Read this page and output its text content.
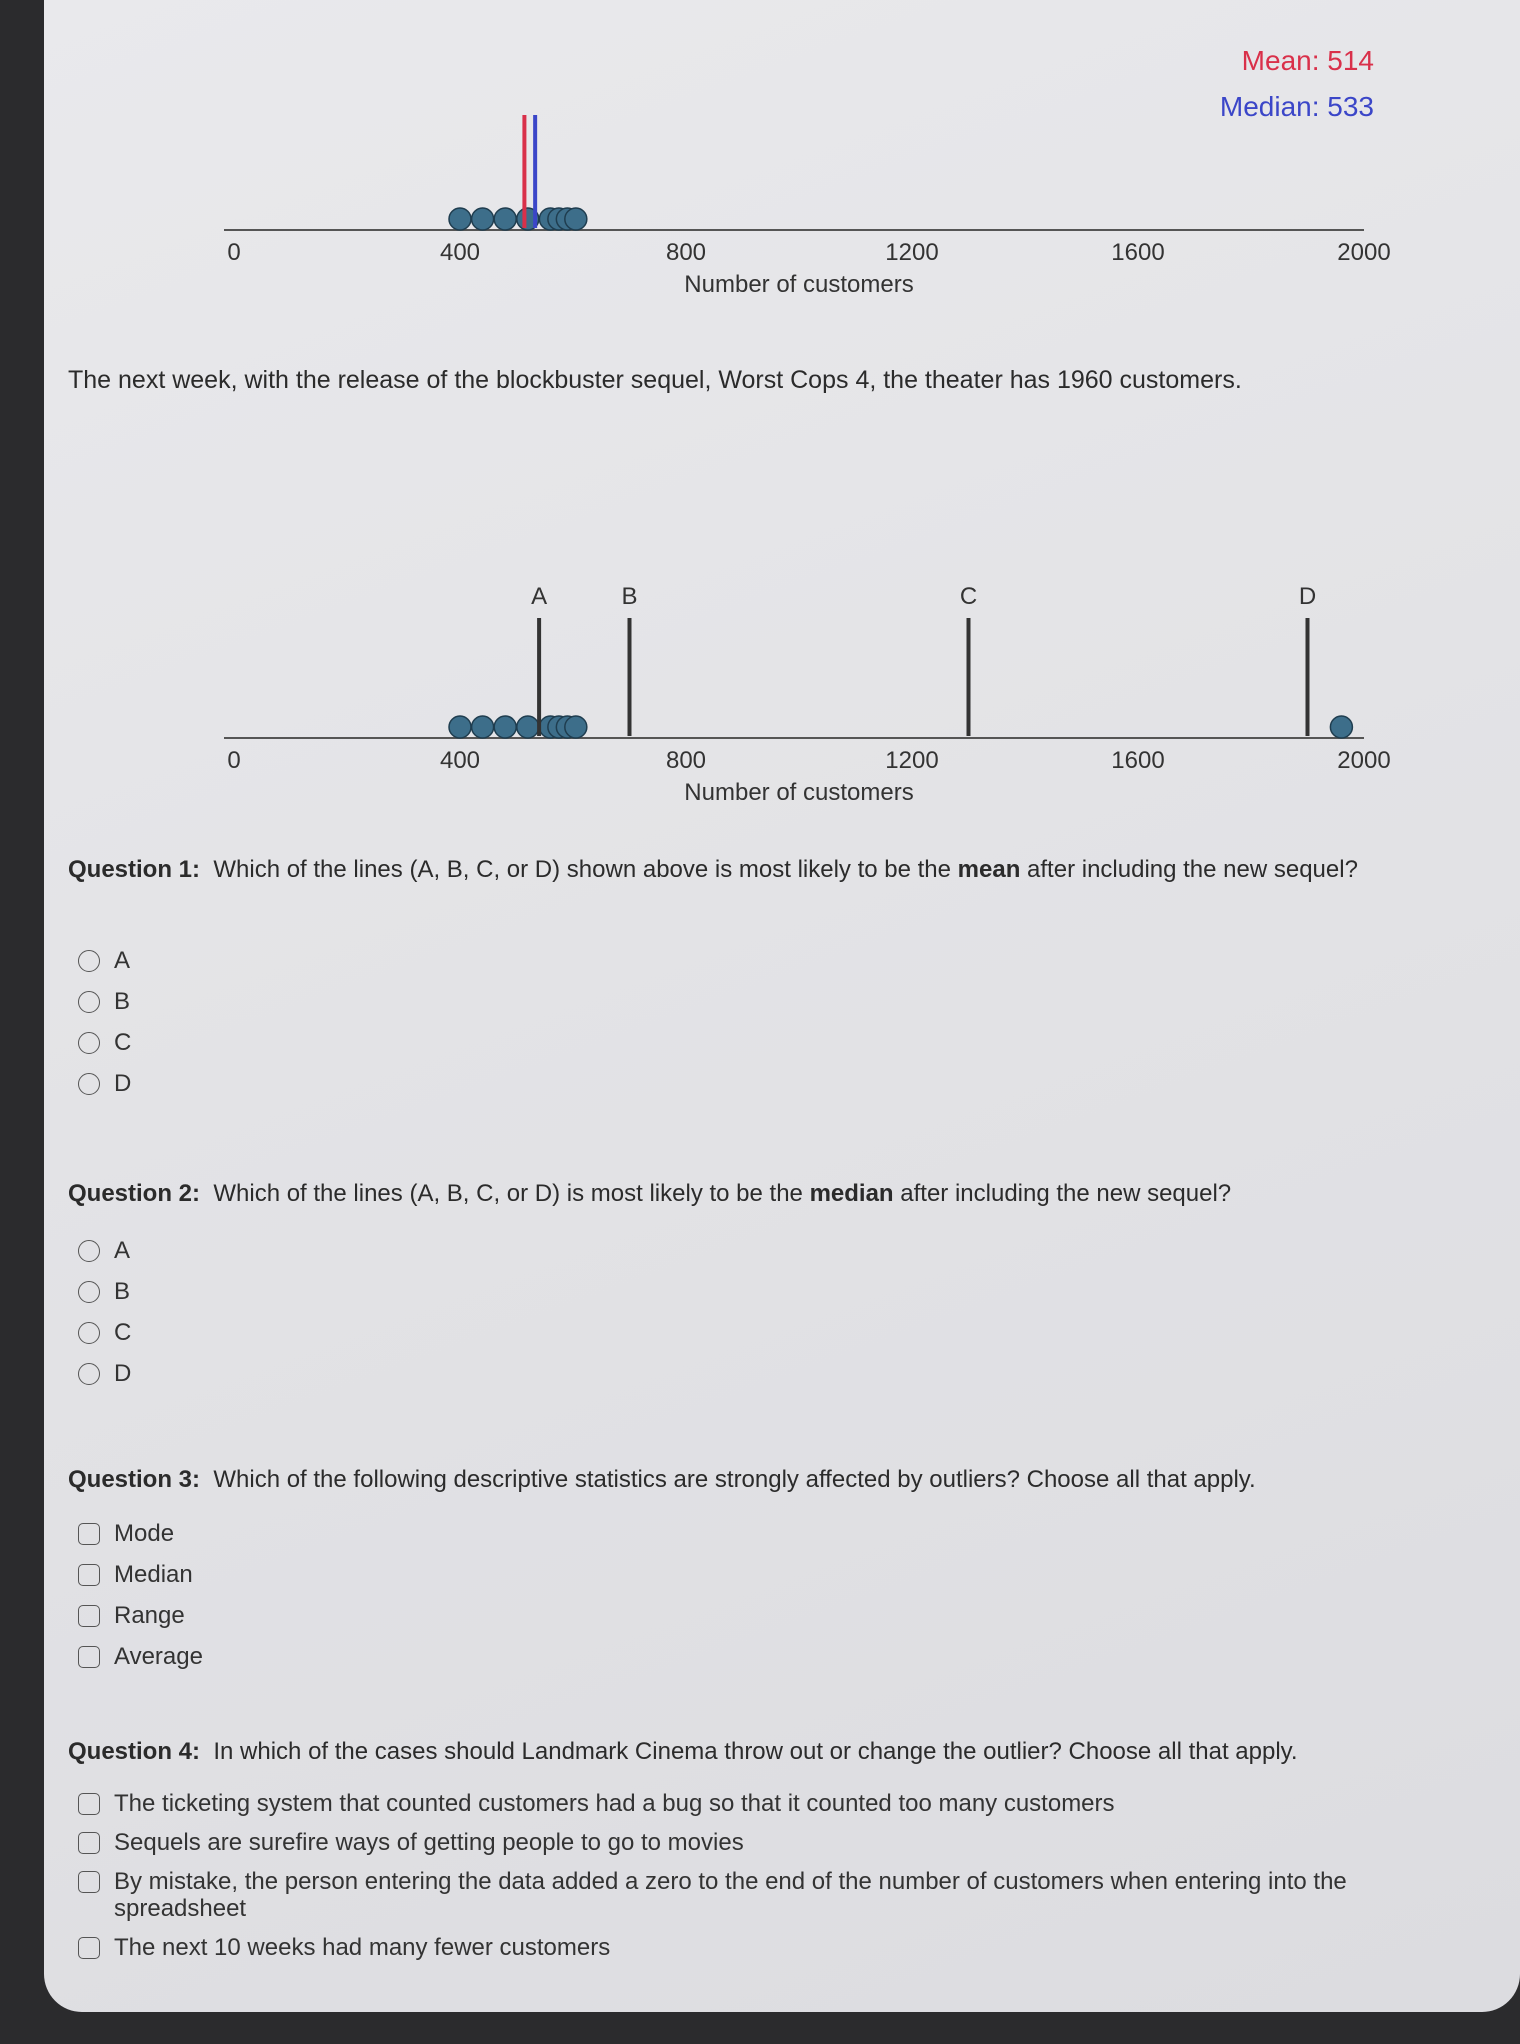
0	400	800	1200	1600	2000
Number of customers
Mean: 514
Median: 533
The next week, with the release of the blockbuster sequel, Worst Cops 4, the theater has 1960 customers.
0	400	800	1200	1600	2000
Number of customers
A	B	C	D
Question 1: Which of the lines (A, B, C, or D) shown above is most likely to be the mean after including the new sequel?
A
B
C
D
Question 2: Which of the lines (A, B, C, or D) is most likely to be the median after including the new sequel?
A
B
C
D
Question 3: Which of the following descriptive statistics are strongly affected by outliers? Choose all that apply.
Mode
Median
Range
Average
Question 4: In which of the cases should Landmark Cinema throw out or change the outlier? Choose all that apply.
The ticketing system that counted customers had a bug so that it counted too many customers
Sequels are surefire ways of getting people to go to movies
By mistake, the person entering the data added a zero to the end of the number of customers when entering into the spreadsheet
The next 10 weeks had many fewer customers
